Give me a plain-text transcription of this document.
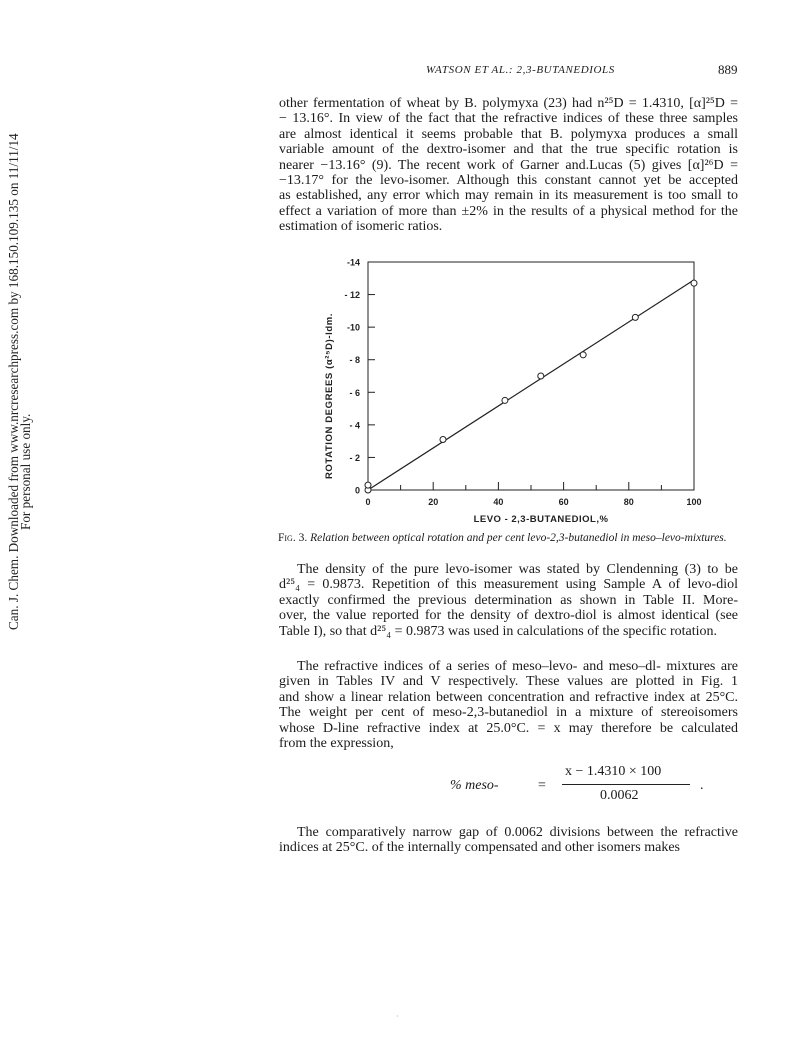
Can. J. Chem. Downloaded from www.nrcresearchpress.com by 168.150.109.135 on 11/11/14
For personal use only.
WATSON ET AL.: 2,3-BUTANEDIOLS	889
other fermentation of wheat by B. polymyxa (23) had n²⁵D = 1.4310, [α]²⁵D =
− 13.16°. In view of the fact that the refractive indices of these three samples
are almost identical it seems probable that B. polymyxa produces a small
variable amount of the dextro-isomer and that the true specific rotation is
nearer −13.16° (9). The recent work of Garner and.Lucas (5) gives [α]²⁶D =
−13.17° for the levo-isomer. Although this constant cannot yet be accepted
as established, any error which may remain in its measurement is too small to
effect a variation of more than ±2% in the results of a physical method for the
estimation of isomeric ratios.
0
- 2
- 4
- 6
- 8
-10
- 12
-14
0	20	40	60	80	100
LEVO - 2,3-BUTANEDIOL,%
ROTATION DEGREES (α²⁵D)-ldm.
Fig. 3. Relation between optical rotation and per cent levo-2,3-butanediol in meso–levo-mixtures.
The density of the pure levo-isomer was stated by Clendenning (3) to be
d²⁵₄ = 0.9873. Repetition of this measurement using Sample A of levo-diol
exactly confirmed the previous determination as shown in Table II. More-
over, the value reported for the density of dextro-diol is almost identical (see
Table I), so that d²⁵₄ = 0.9873 was used in calculations of the specific rotation.
The refractive indices of a series of meso–levo- and meso–dl- mixtures are
given in Tables IV and V respectively. These values are plotted in Fig. 1
and show a linear relation between concentration and refractive index at 25°C.
The weight per cent of meso-2,3-butanediol in a mixture of stereoisomers
whose D-line refractive index at 25.0°C. = x may therefore be calculated
from the expression,
% meso-	=
x − 1.4310 × 100
0.0062
.
The comparatively narrow gap of 0.0062 divisions between the refractive
indices at 25°C. of the internally compensated and other isomers makes
·
